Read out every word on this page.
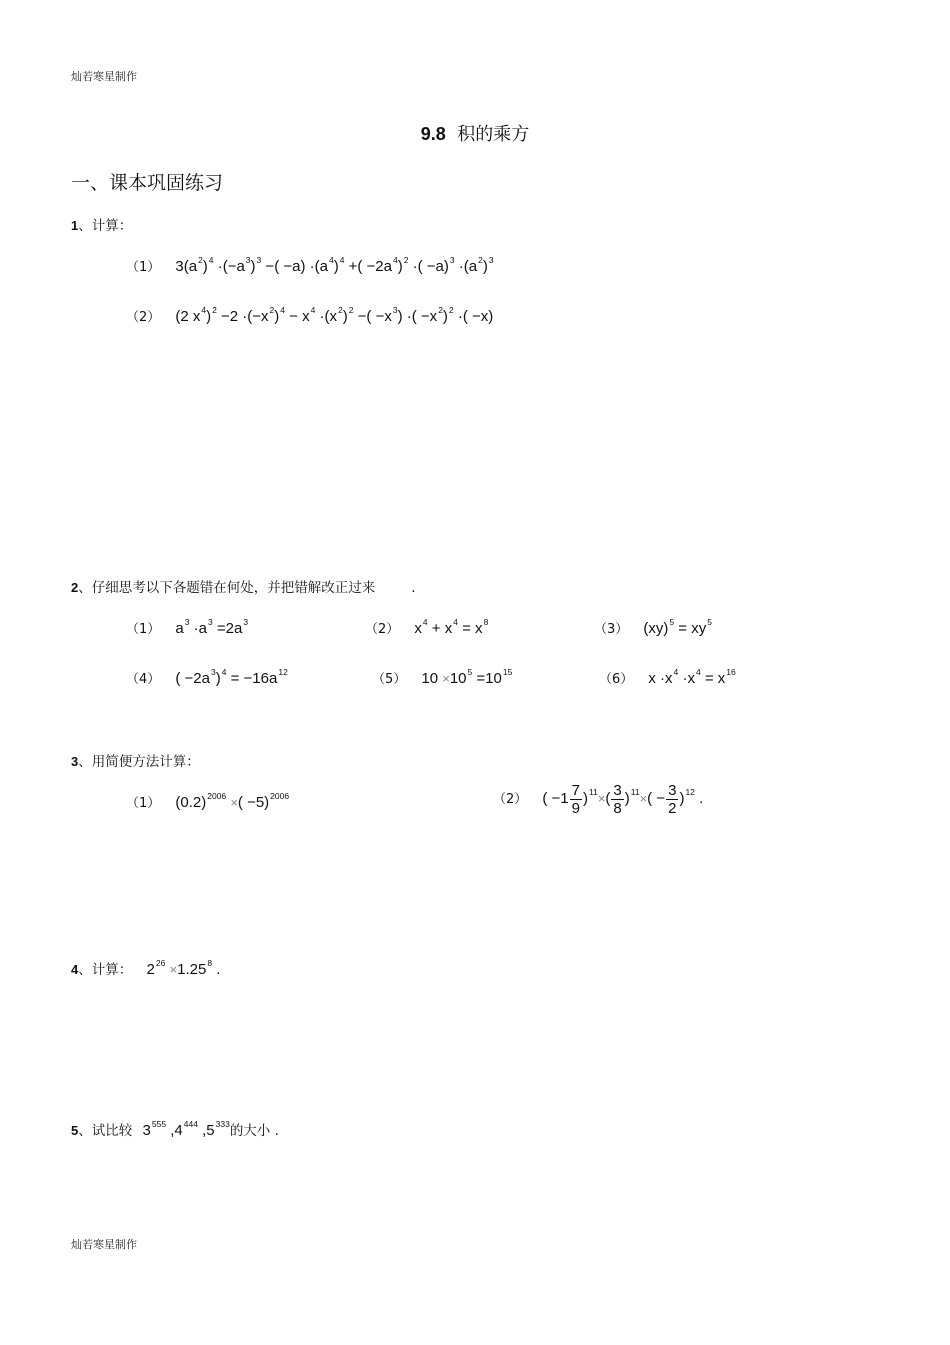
灿若寒星制作
9.8 积的乘方
一、课本巩固练习
1、计算：
（1） $3(a^2)^4 \cdot(-a^3)^3$ −( $-a) \cdot(a^4)^4$ +( $-2a^4)^2$ ·( $-a)^3 \cdot(a^2)^3$
（2） (2 $x^4)^2 -2 \cdot(-x^2)^4 - x^4 \cdot(x^2)^2$ −( $-x^3$) ·( $-x^2)^2$ ·( −x)
2、仔细思考以下各题错在何处，并把错解改正过来	.
（1） $a^3 \cdot a^3 =2a^3$	（2） $x^4 + x^4 = x^8$	（3） $(xy)^5 = xy^5$
（4） ( $-2a^3)^4 = -16a^{12}$	（5） $10 \times 10^5 =10^{15}$	（6） $x \cdot x^4 \cdot x^4 = x^{16}$
3、用简便方法计算：
（1） $(0.2)^{2006}$ ×( −5)$^{2006}$	（2） ( $-1 \frac{7}{9} )^{11}\times( \frac{3}{8} )^{11}\times( - \frac{3}{2} )^{12}$ .
4、计算： $2^{26} \times 1.25^8$ .
5、试比较 $3^{555}$ $,4^{444}$ $,5^{333}$的大小 .
灿若寒星制作
